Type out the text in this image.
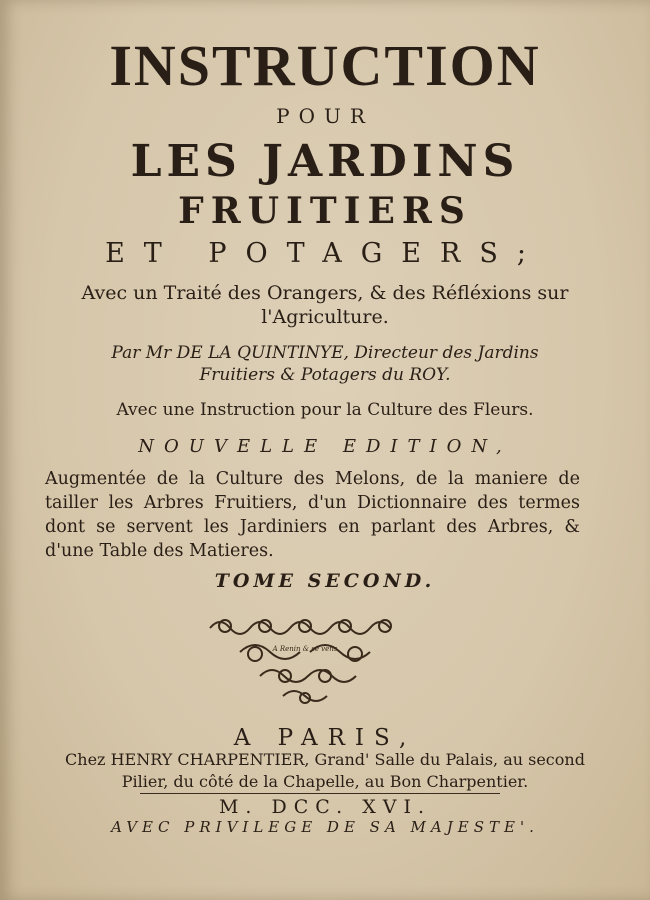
INSTRUCTION
POUR
LES JARDINS
FRUITIERS
ET POTAGERS;
Avec un Traité des Orangers, & des Réfléxions sur
l'Agriculture.
Par Mr DE LA QUINTINYE, Directeur des Jardins
Fruitiers & Potagers du ROY.
Avec une Instruction pour la Culture des Fleurs.
NOUVELLE EDITION,
Augmentée de la Culture des Melons, de la maniere de tailler les Arbres Fruitiers, d'un Dictionnaire des termes dont se servent les Jardiniers en parlant des Arbres, & d'une Table des Matieres.
TOME SECOND.
A Renin & se vens
A PARIS,
Chez HENRY CHARPENTIER, Grand' Salle du Palais, au second
Pilier, du côté de la Chapelle, au Bon Charpentier.
M. DCC. XVI.
AVEC PRIVILEGE DE SA MAJESTE'.
